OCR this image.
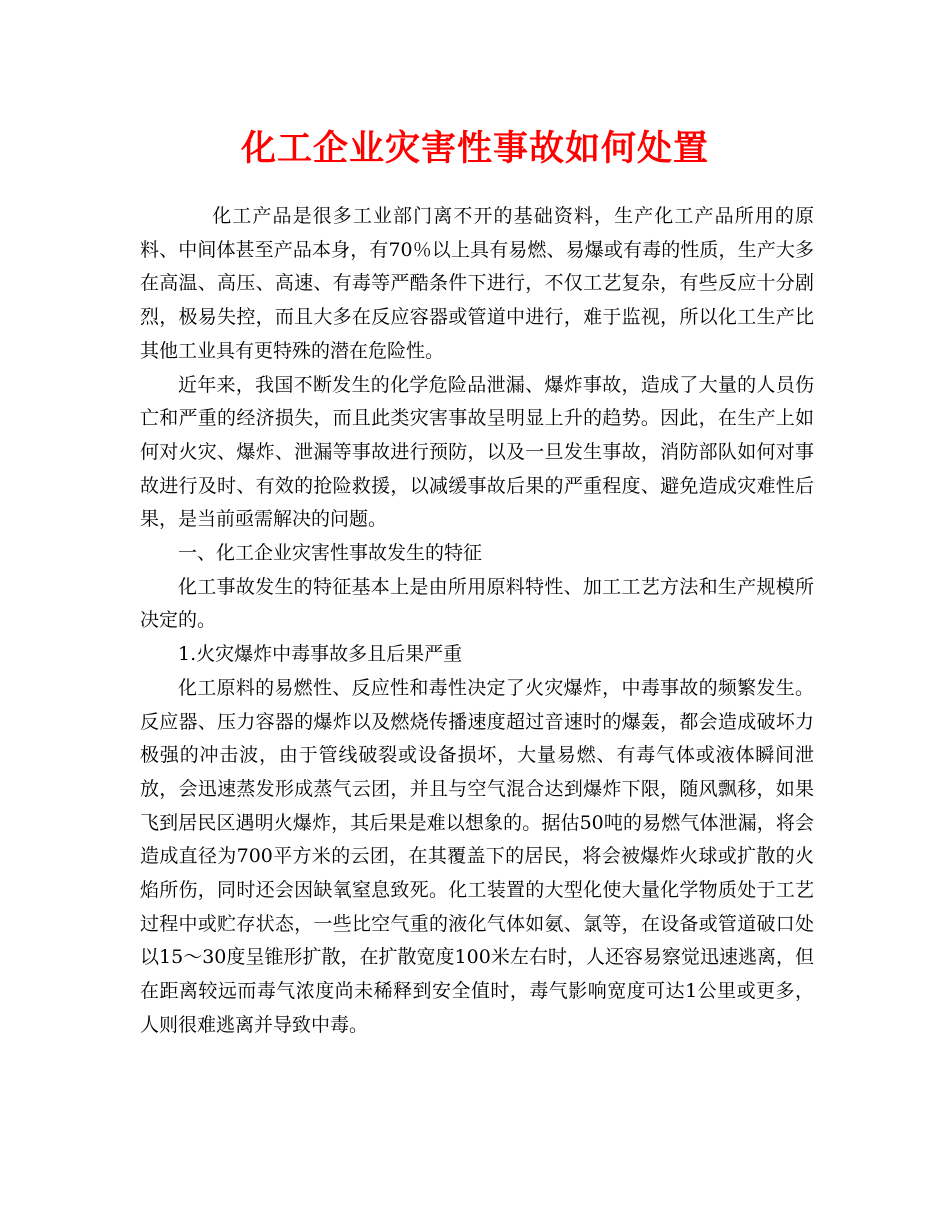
化工企业灾害性事故如何处置

化工产品是很多工业部门离不开的基础资料，生产化工产品所用的原料、中间体甚至产品本身，有70％以上具有易燃、易爆或有毒的性质，生产大多在高温、高压、高速、有毒等严酷条件下进行，不仅工艺复杂，有些反应十分剧烈，极易失控，而且大多在反应容器或管道中进行，难于监视，所以化工生产比其他工业具有更特殊的潜在危险性。

近年来，我国不断发生的化学危险品泄漏、爆炸事故，造成了大量的人员伤亡和严重的经济损失，而且此类灾害事故呈明显上升的趋势。因此，在生产上如何对火灾、爆炸、泄漏等事故进行预防，以及一旦发生事故，消防部队如何对事故进行及时、有效的抢险救援，以减缓事故后果的严重程度、避免造成灾难性后果，是当前亟需解决的问题。

一、化工企业灾害性事故发生的特征

化工事故发生的特征基本上是由所用原料特性、加工工艺方法和生产规模所决定的。

1.火灾爆炸中毒事故多且后果严重

化工原料的易燃性、反应性和毒性决定了火灾爆炸，中毒事故的频繁发生。反应器、压力容器的爆炸以及燃烧传播速度超过音速时的爆轰，都会造成破坏力极强的冲击波，由于管线破裂或设备损坏，大量易燃、有毒气体或液体瞬间泄放，会迅速蒸发形成蒸气云团，并且与空气混合达到爆炸下限，随风飘移，如果飞到居民区遇明火爆炸，其后果是难以想象的。据估50吨的易燃气体泄漏，将会造成直径为700平方米的云团，在其覆盖下的居民，将会被爆炸火球或扩散的火焰所伤，同时还会因缺氧窒息致死。化工装置的大型化使大量化学物质处于工艺过程中或贮存状态，一些比空气重的液化气体如氨、氯等，在设备或管道破口处以15～30度呈锥形扩散，在扩散宽度100米左右时，人还容易察觉迅速逃离，但在距离较远而毒气浓度尚未稀释到安全值时，毒气影响宽度可达1公里或更多，人则很难逃离并导致中毒。
